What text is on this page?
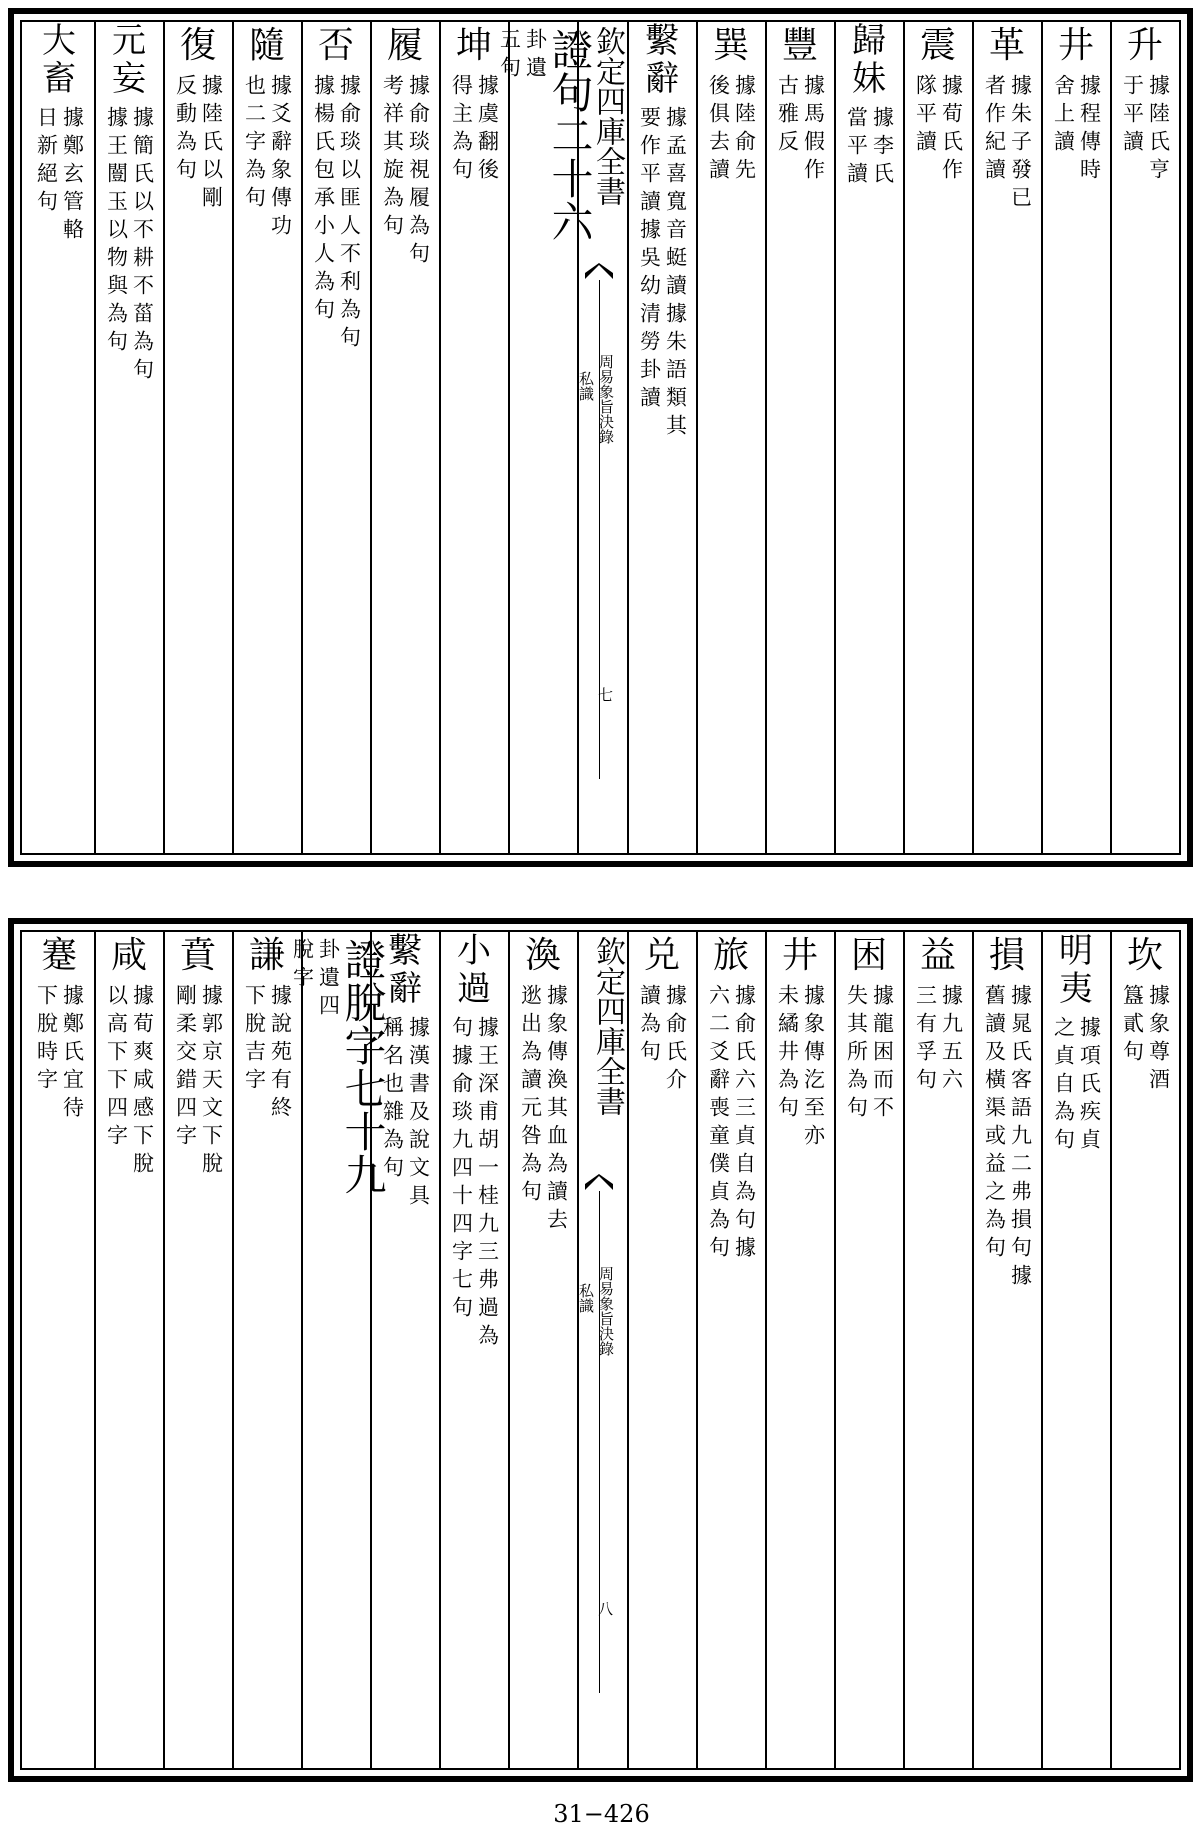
升
據陸氏亨
于平讀
井
據程傳時
舍上讀
革
據朱子發已
者作紀讀
震
據荀氏作
隊平讀
歸
妹
據李氏
當平讀
豐
據馬假作
古雅反
巽
據陸俞先
後俱去讀
繫
辭
據孟喜寬音蜓讀據朱語類其
要作平讀據吳幼清勞卦讀
欽定四庫全書
周易象旨決錄
私識
七
證句二十六
卦遺
五句
坤
據虞翻後
得主為句
履
據俞琰視履為句
考祥其旋為句
否
據俞琰以匪人不利為句
據楊氏包承小人為句
隨
據爻辭象傳功
也二字為句
復
據陸氏以剛
反動為句
元
妄
據簡氏以不耕不菑為句
據王闓玉以物與為句
大
畜
據鄭玄管輅
日新絕句
坎
據象尊酒
簋貳句
明
夷
據項氏疾貞
之貞自為句
損
據晁氏客語九二弗損句據
舊讀及橫渠或益之為句
益
據九五六
三有孚句
困
據龍困而不
失其所為句
井
據象傳汔至亦
未繘井為句
旅
據俞氏六三貞自為句據
六二爻辭喪童僕貞為句
兑
據俞氏介
讀為句
欽定四庫全書
周易象旨決錄
私識
八
渙
據象傳渙其血為讀去
逖出為讀元咎為句
小
過
據王深甫胡一桂九三弗過為
句據俞琰九四十四字七句
繫
辭
據漢書及說文具
稱名也雜為句
證脫字七十九
卦遺四
脫字
謙
據說苑有終
下脫吉字
賁
據郭京天文下脫
剛柔交錯四字
咸
據荀爽咸感下脫
以高下下四字
蹇
據鄭氏宜待
下脫時字
31−426
